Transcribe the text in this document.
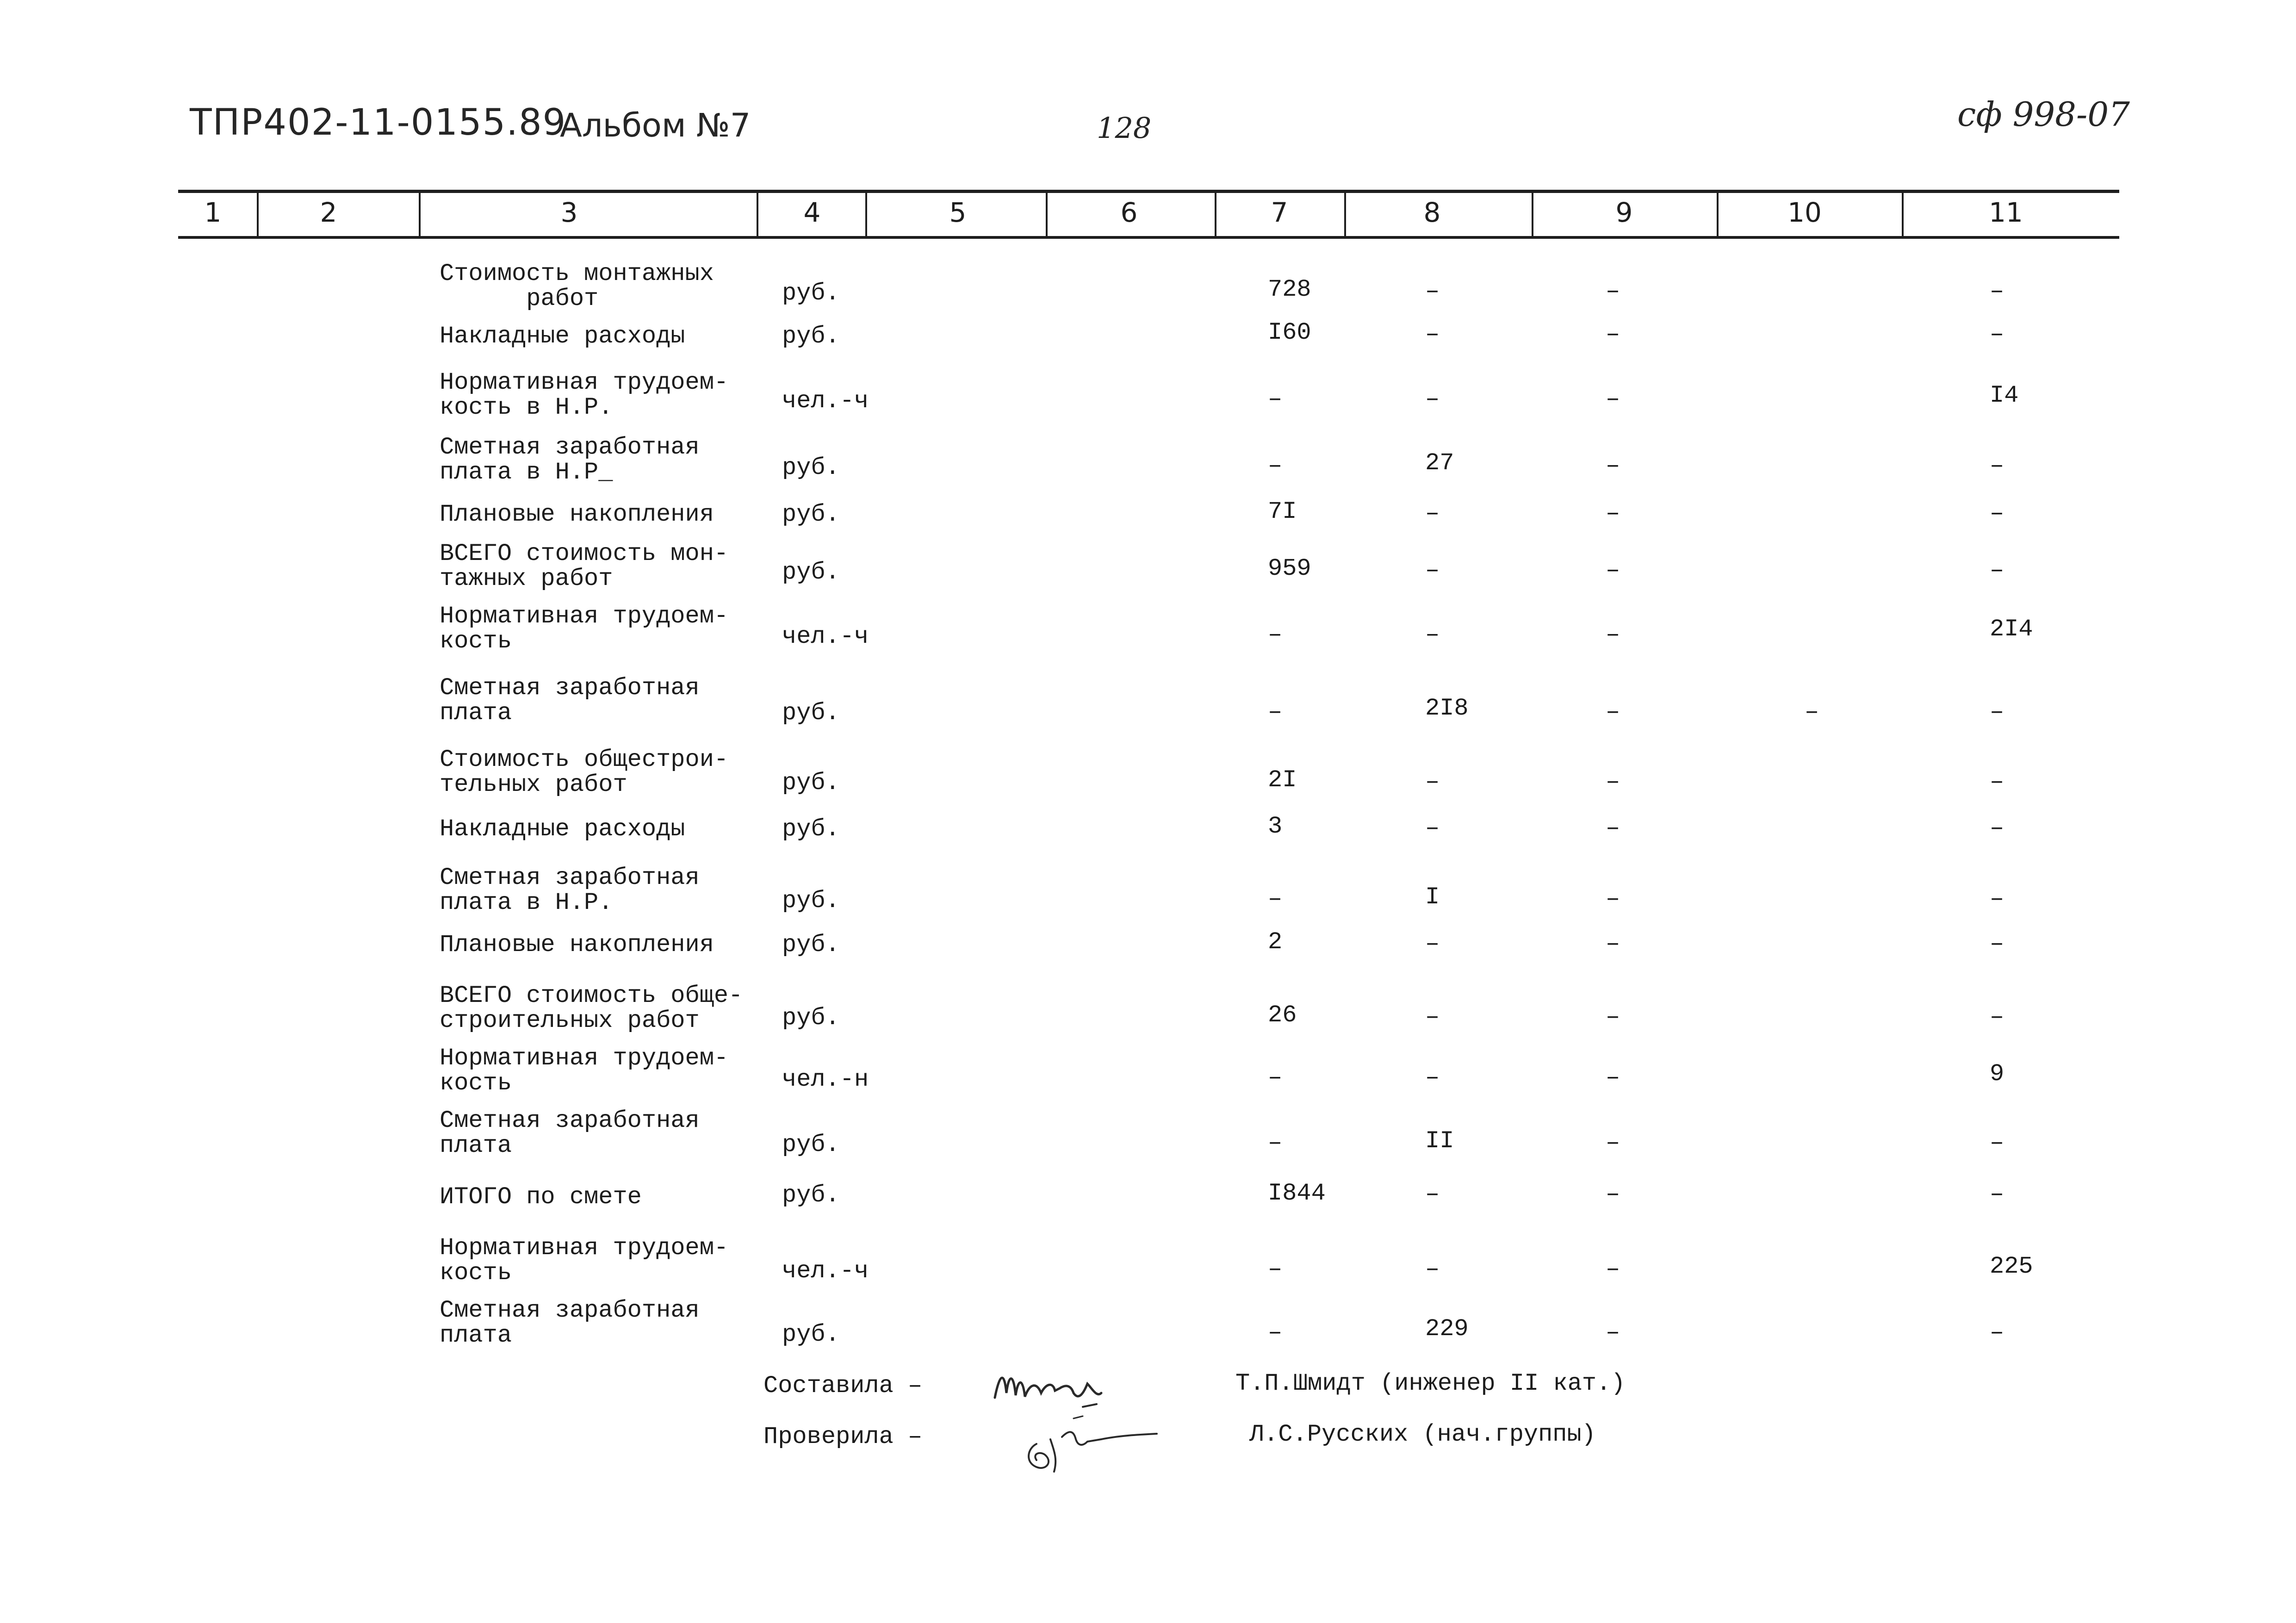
ТПР402-11-0155.89
Альбом №7	128	сф 998-07
1	2	3	4	5	6	7	8	9	10	11
Стоимость монтажных
работ	руб.	728	–	–	–
Накладные расходы	руб.	I60	–	–	–
Нормативная трудоем-
кость в Н.Р.	чел.-ч	–	–	–	I4
Сметная заработная
плата в Н.Р_	руб.	–	27	–	–
Плановые накопления	руб.	7I	–	–	–
ВСЕГО стоимость мон-
тажных работ	руб.	959	–	–	–
Нормативная трудоем-
кость	чел.-ч	–	–	–	2I4
Сметная заработная
плата	руб.	–	2I8	–	–	–
Стоимость общестрои-
тельных работ	руб.	2I	–	–	–
Накладные расходы	руб.	3	–	–	–
Сметная заработная
плата в Н.Р.	руб.	–	I	–	–
Плановые накопления	руб.	2	–	–	–
ВСЕГО стоимость обще-
строительных работ	руб.	26	–	–	–
Нормативная трудоем-
кость	чел.-н	–	–	–	9
Сметная заработная
плата	руб.	–	II	–	–
ИТОГО по смете	руб.	I844	–	–	–
Нормативная трудоем-
кость	чел.-ч	–	–	–	225
Сметная заработная
плата	руб.	–	229	–	–
Составила –	Т.П.Шмидт (инженер II кат.)
Проверила –	Л.С.Русских (нач.группы)
